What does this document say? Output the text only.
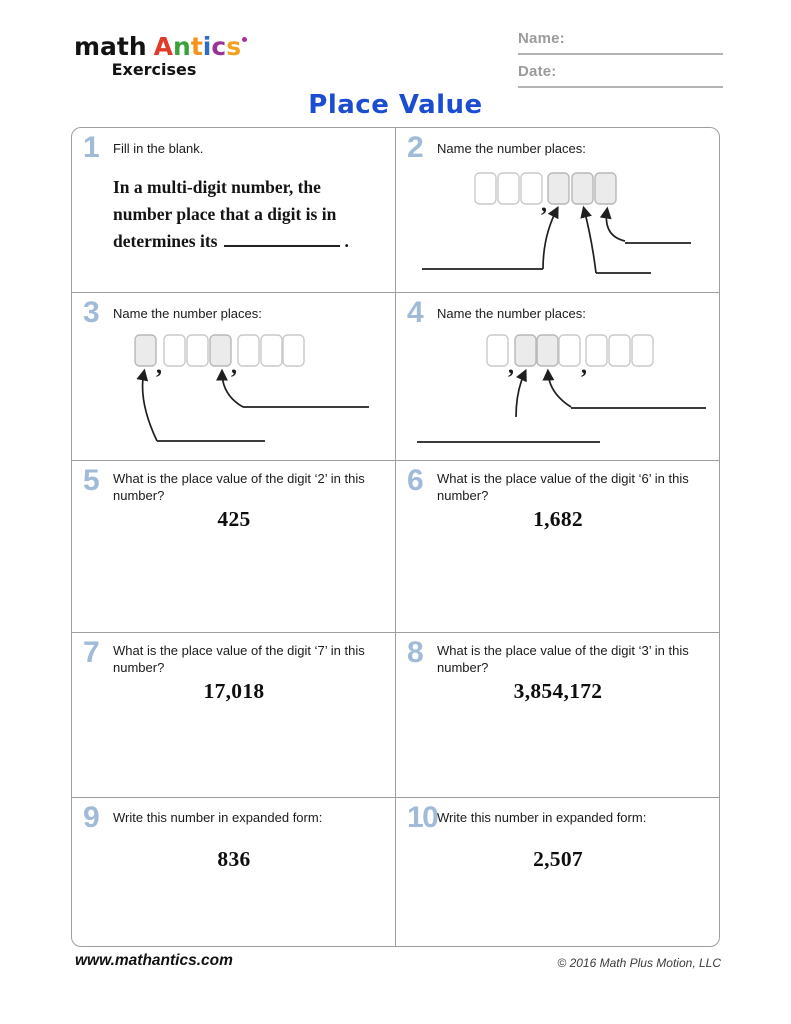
math Antics
Exercises
Name:
Date:
Place Value
1 Fill in the blank.

In a multi-digit number, the number place that a digit is in determines its	.

2 Name the number places:

,
3 Name the number places:

,	,
4 Name the number places:

,	,
5 What is the place value of the digit ‘2’ in this number?

425
6 What is the place value of the digit ‘6’ in this number?

1,682
7 What is the place value of the digit ‘7’ in this number?

17,018
8 What is the place value of the digit ‘3’ in this number?

3,854,172
9 Write this number in expanded form:

836
10 Write this number in expanded form:

2,507
www.mathantics.com	© 2016 Math Plus Motion, LLC
